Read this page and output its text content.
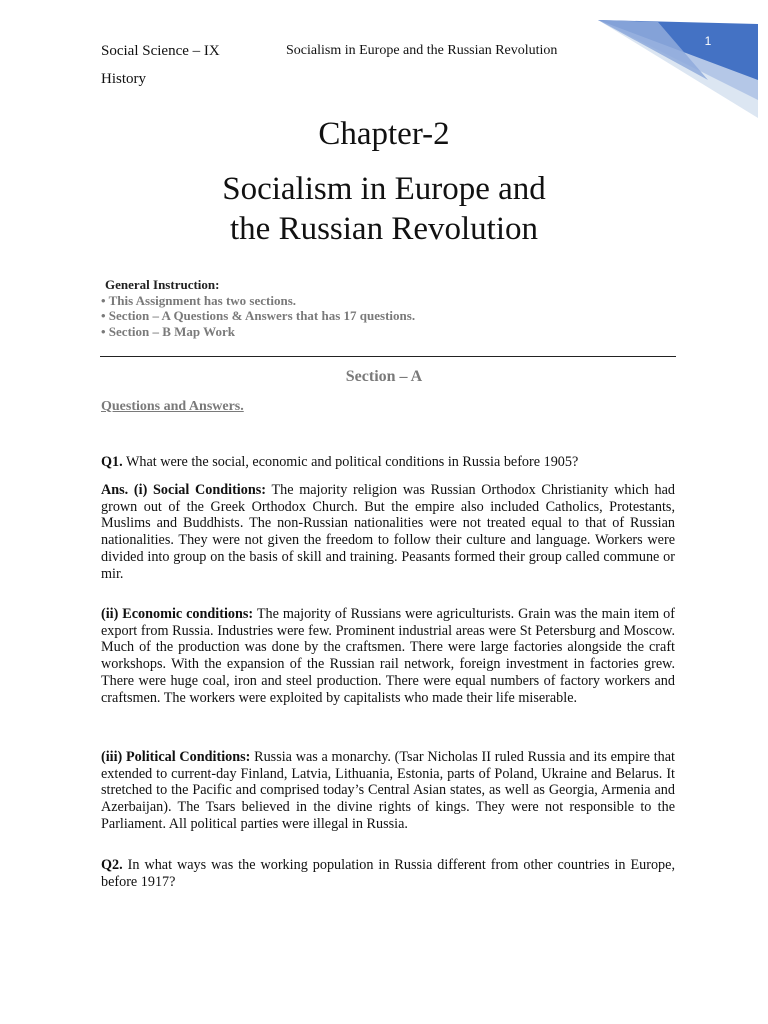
1
Social Science – IX	Socialism in Europe and the Russian Revolution
History
Chapter-2
Socialism in Europe and
the Russian Revolution
General Instruction:
• This Assignment has two sections.
• Section – A Questions & Answers that has 17 questions.
• Section – B Map Work
Section – A
Questions and Answers.
Q1. What were the social, economic and political conditions in Russia before 1905?
Ans. (i) Social Conditions: The majority religion was Russian Orthodox Christianity which had grown out of the Greek Orthodox Church. But the empire also included Catholics, Protestants, Muslims and Buddhists. The non-Russian nationalities were not treated equal to that of Russian nationalities. They were not given the freedom to follow their culture and language. Workers were divided into group on the basis of skill and training. Peasants formed their group called commune or mir.
(ii) Economic conditions: The majority of Russians were agriculturists. Grain was the main item of export from Russia. Industries were few. Prominent industrial areas were St Petersburg and Moscow. Much of the production was done by the craftsmen. There were large factories alongside the craft workshops. With the expansion of the Russian rail network, foreign investment in factories grew. There were huge coal, iron and steel production. There were equal numbers of factory workers and craftsmen. The workers were exploited by capitalists who made their life miserable.
(iii) Political Conditions: Russia was a monarchy. (Tsar Nicholas II ruled Russia and its empire that extended to current-day Finland, Latvia, Lithuania, Estonia, parts of Poland, Ukraine and Belarus. It stretched to the Pacific and comprised today’s Central Asian states, as well as Georgia, Armenia and Azerbaijan). The Tsars believed in the divine rights of kings. They were not responsible to the Parliament. All political parties were illegal in Russia.
Q2. In what ways was the working population in Russia different from other countries in Europe, before 1917?
